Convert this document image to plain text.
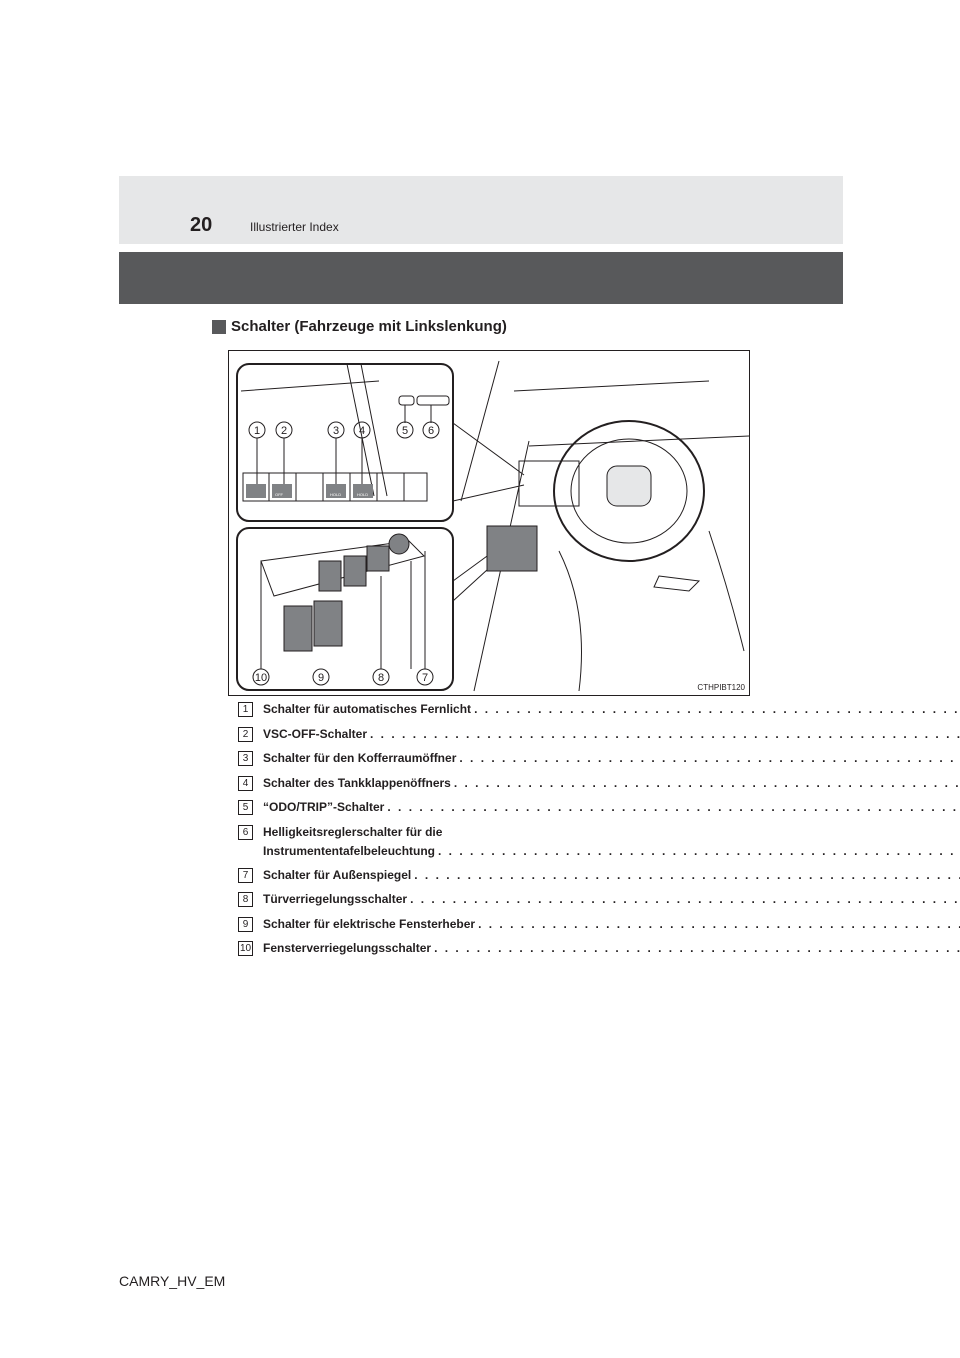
20	Illustrierter Index
Schalter (Fahrzeuge mit Linkslenkung)
OFF	HOLD	HOLD
1 2	3 4	5 6
10	9	8	7
CTHPIBT120
1	Schalter für automatisches Fernlicht
. . .
2	VSC-OFF-Schalter
. . .
3	Schalter für den Kofferraumöffner
. . .
4	Schalter des Tankklappenöffners
. . .
5	“ODO/TRIP”-Schalter
. . .
6	Helligkeitsreglerschalter für die
Instrumententafelbeleuchtung
. . .
7	Schalter für Außenspiegel
. . .
8	Türverriegelungsschalter
. . .
9	Schalter für elektrische Fensterheber
. . .
10 Fensterverriegelungsschalter
. . .
CAMRY_HV_EM
